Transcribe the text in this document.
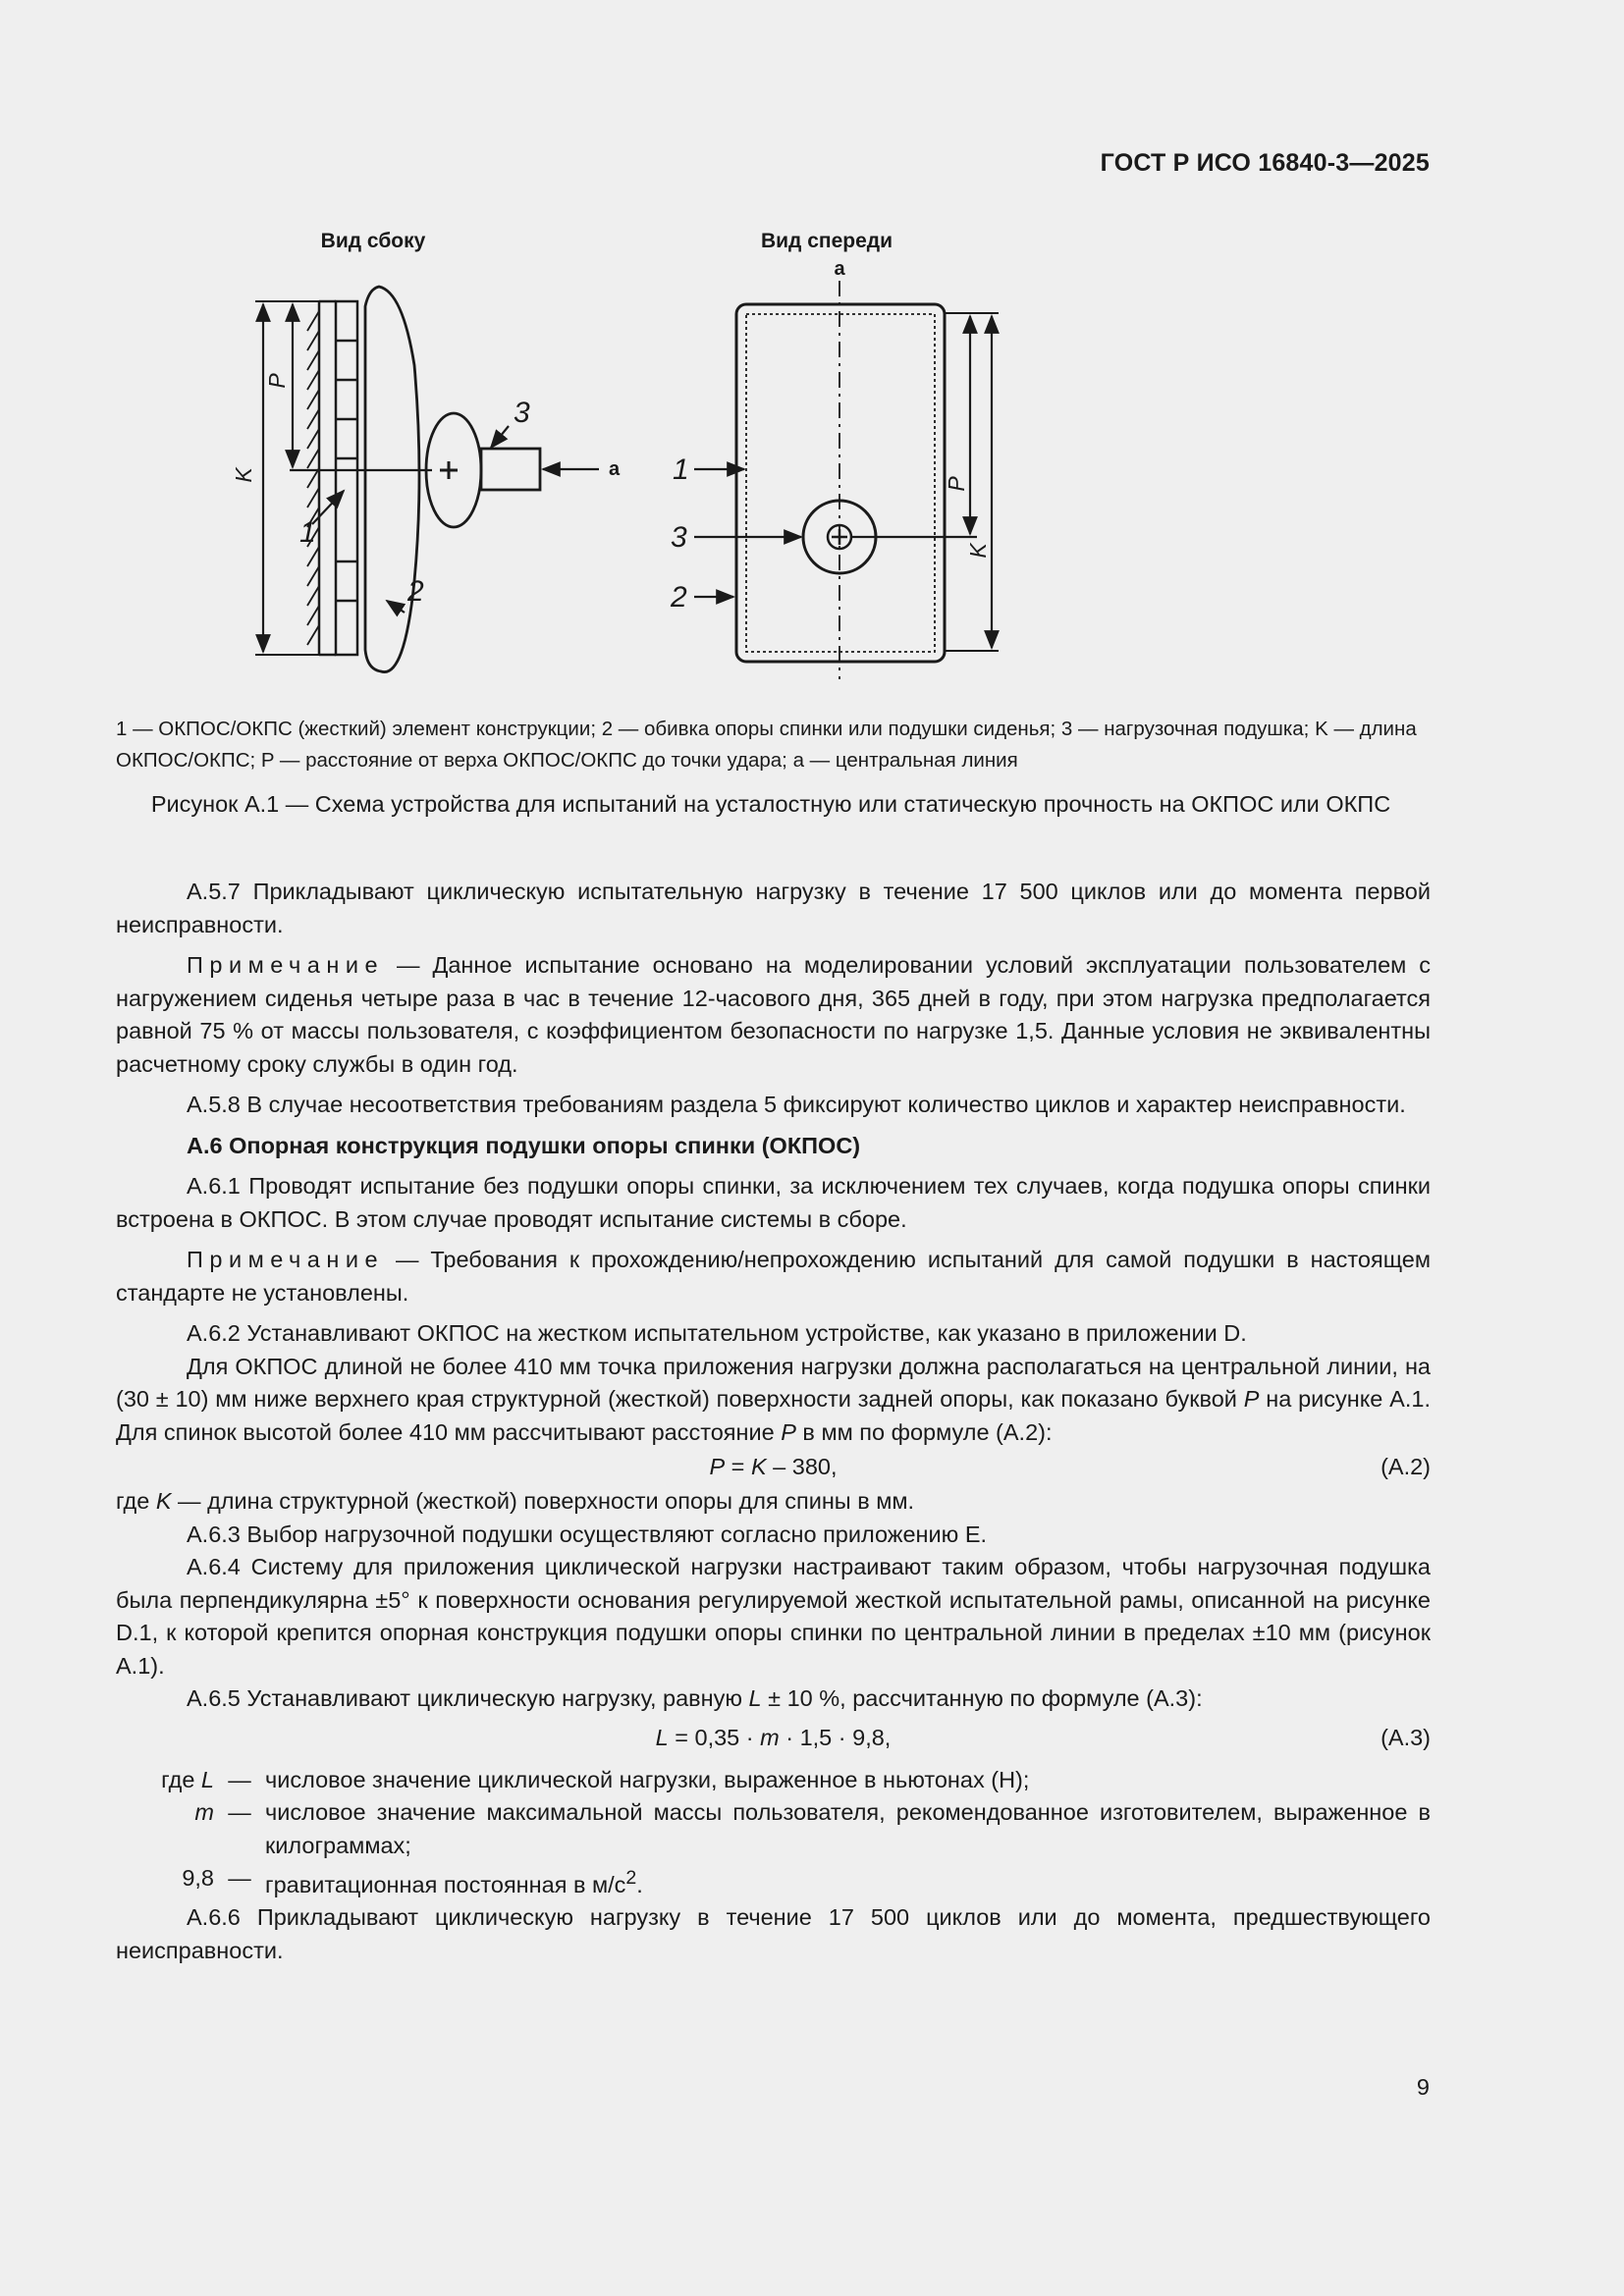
ГОСТ Р ИСО 16840-3—2025
Вид сбоку
K
P
1
2
3
a
Вид спереди
a
1
3
2
P
K
1 — ОКПОС/ОКПС (жесткий) элемент конструкции; 2 — обивка опоры спинки или подушки сиденья; 3 — нагрузочная подушка; K — длина ОКПОС/ОКПС; P — расстояние от верха ОКПОС/ОКПС до точки удара; a — центральная линия
Рисунок А.1 — Схема устройства для испытаний на усталостную или статическую прочность на ОКПОС или ОКПС

А.5.7 Прикладывают циклическую испытательную нагрузку в течение 17 500 циклов или до момента первой неисправности.

Примечание — Данное испытание основано на моделировании условий эксплуатации пользователем с нагружением сиденья четыре раза в час в течение 12-часового дня, 365 дней в году, при этом нагрузка предполагается равной 75 % от массы пользователя, с коэффициентом безопасности по нагрузке 1,5. Данные условия не эквивалентны расчетному сроку службы в один год.

А.5.8 В случае несоответствия требованиям раздела 5 фиксируют количество циклов и характер неисправности.

А.6 Опорная конструкция подушки опоры спинки (ОКПОС)

А.6.1 Проводят испытание без подушки опоры спинки, за исключением тех случаев, когда подушка опоры спинки встроена в ОКПОС. В этом случае проводят испытание системы в сборе.

Примечание — Требования к прохождению/непрохождению испытаний для самой подушки в настоящем стандарте не установлены.

А.6.2 Устанавливают ОКПОС на жестком испытательном устройстве, как указано в приложении D.

Для ОКПОС длиной не более 410 мм точка приложения нагрузки должна располагаться на центральной линии, на (30 ± 10) мм ниже верхнего края структурной (жесткой) поверхности задней опоры, как показано буквой P на рисунке А.1. Для спинок высотой более 410 мм рассчитывают расстояние P в мм по формуле (А.2):

P = K – 380,	(А.2)

где K — длина структурной (жесткой) поверхности опоры для спины в мм.

А.6.3 Выбор нагрузочной подушки осуществляют согласно приложению Е.

А.6.4 Систему для приложения циклической нагрузки настраивают таким образом, чтобы нагрузочная подушка была перпендикулярна ±5° к поверхности основания регулируемой жесткой испытательной рамы, описанной на рисунке D.1, к которой крепится опорная конструкция подушки опоры спинки по центральной линии в пределах ±10 мм (рисунок А.1).

А.6.5 Устанавливают циклическую нагрузку, равную L ± 10 %, рассчитанную по формуле (А.3):

L = 0,35 · m · 1,5 · 9,8,	(А.3)
где L — числовое значение циклической нагрузки, выраженное в ньютонах (Н);
m — числовое значение максимальной массы пользователя, рекомендованное изготовителем, выраженное в килограммах;
9,8 — гравитационная постоянная в $м/с^2$.

А.6.6 Прикладывают циклическую нагрузку в течение 17 500 циклов или до момента, предшествующего неисправности.

9
